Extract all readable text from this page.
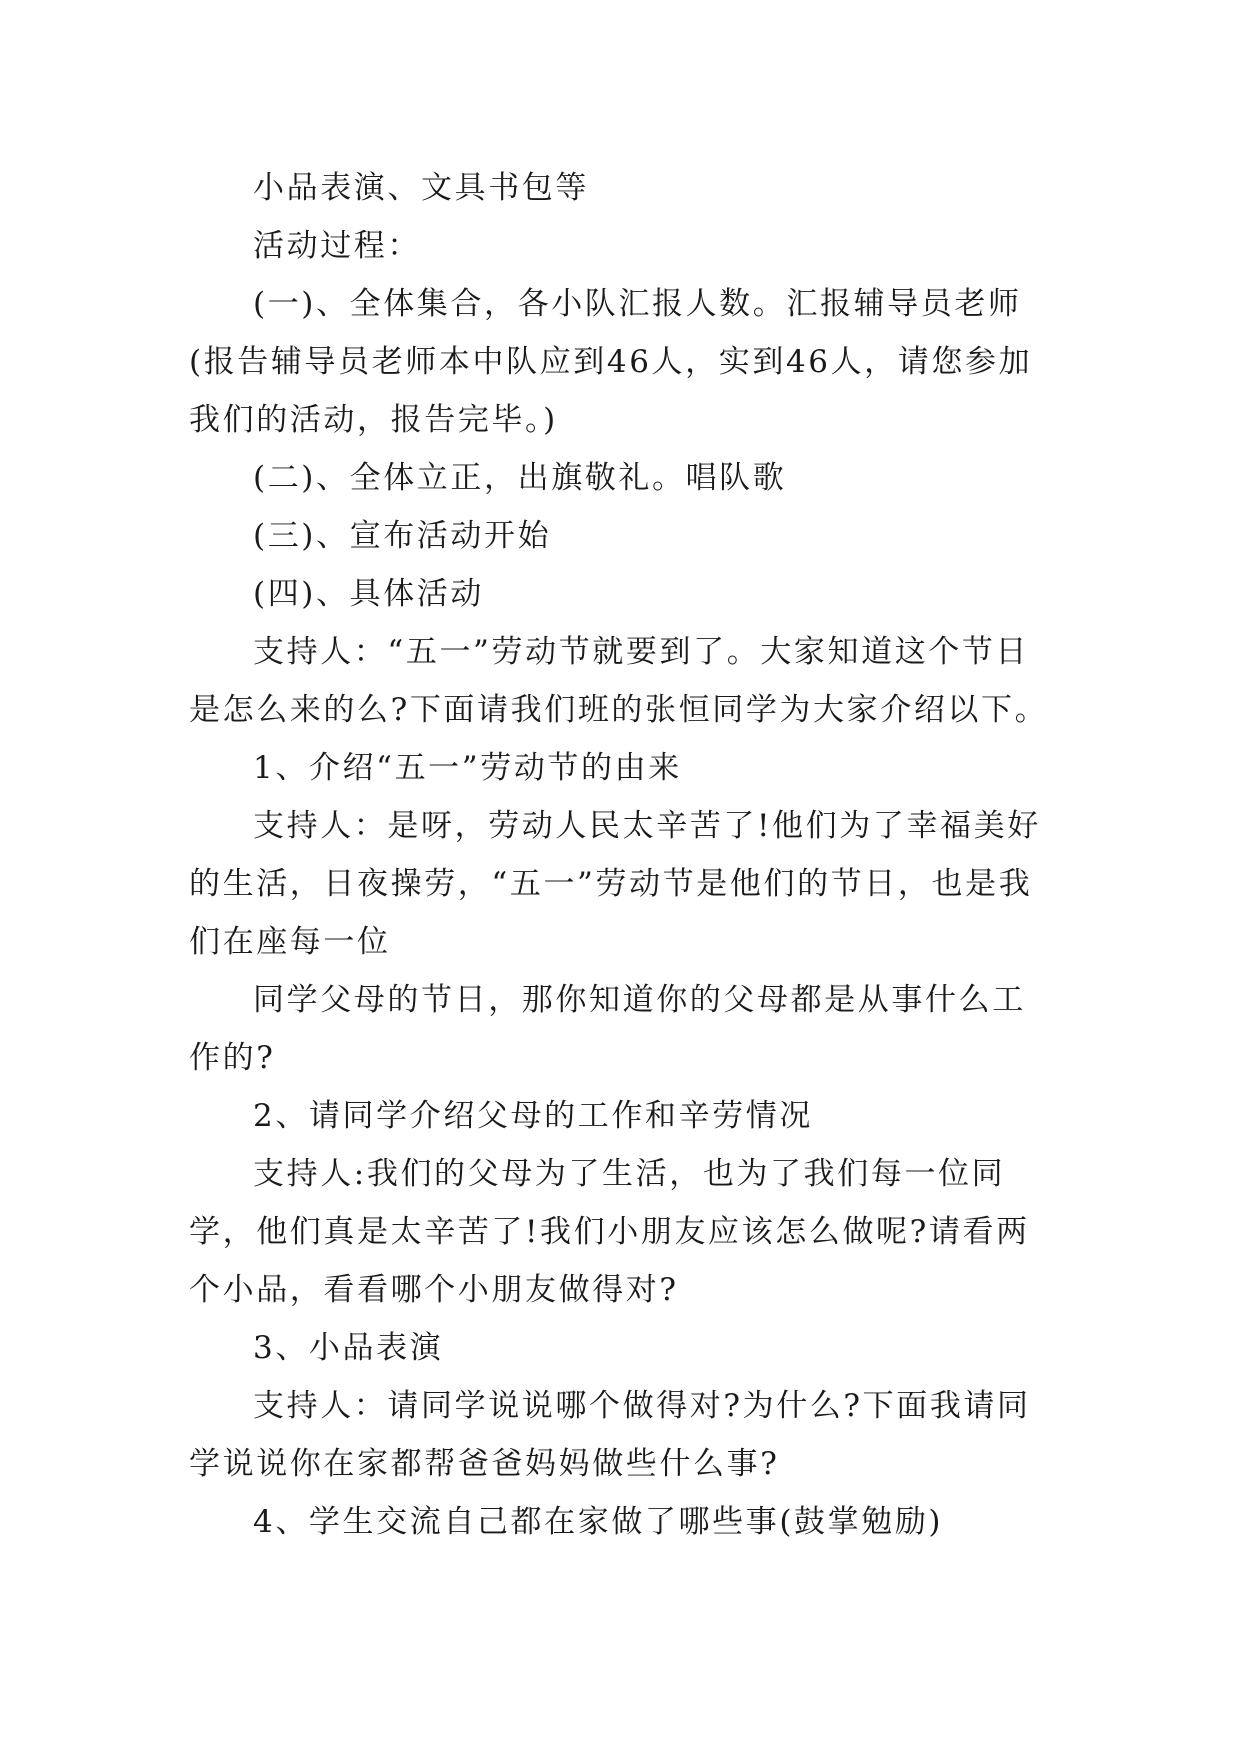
小品表演、文具书包等

活动过程：

(一)、全体集合，各小队汇报人数。汇报辅导员老师(报告辅导员老师本中队应到46人，实到46人，请您参加我们的活动，报告完毕。)

(二)、全体立正，出旗敬礼。唱队歌

(三)、宣布活动开始

(四)、具体活动

支持人：“五一”劳动节就要到了。大家知道这个节日是怎么来的么?下面请我们班的张恒同学为大家介绍以下。

1、介绍“五一”劳动节的由来

支持人：是呀，劳动人民太辛苦了!他们为了幸福美好的生活，日夜操劳，“五一”劳动节是他们的节日，也是我们在座每一位

同学父母的节日，那你知道你的父母都是从事什么工作的?

2、请同学介绍父母的工作和辛劳情况

支持人:我们的父母为了生活，也为了我们每一位同学，他们真是太辛苦了!我们小朋友应该怎么做呢?请看两个小品，看看哪个小朋友做得对?

3、小品表演

支持人：请同学说说哪个做得对?为什么?下面我请同学说说你在家都帮爸爸妈妈做些什么事?

4、学生交流自己都在家做了哪些事(鼓掌勉励)
